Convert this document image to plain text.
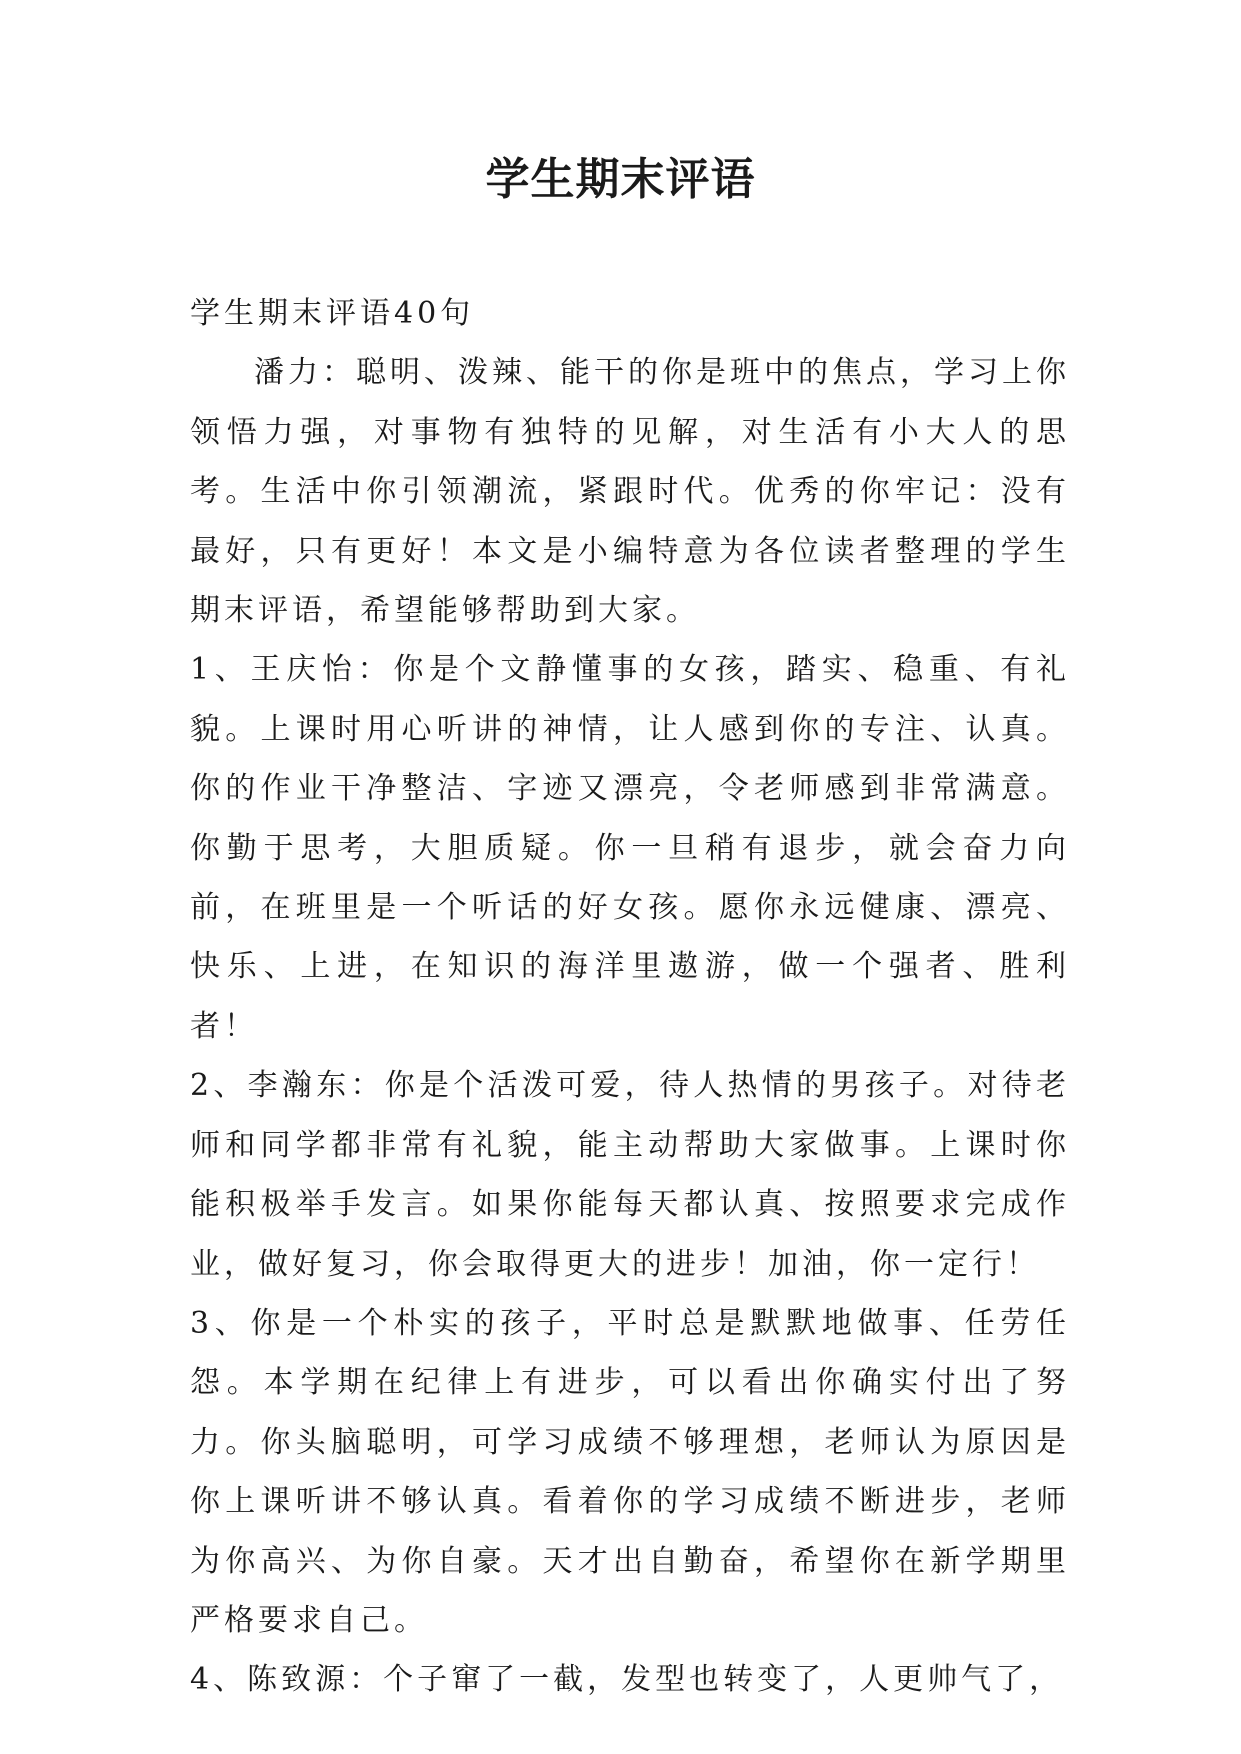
学生期末评语

学生期末评语40句

潘力：聪明、泼辣、能干的你是班中的焦点，学习上你领悟力强，对事物有独特的见解，对生活有小大人的思考。生活中你引领潮流，紧跟时代。优秀的你牢记：没有最好，只有更好！本文是小编特意为各位读者整理的学生期末评语，希望能够帮助到大家。

1、王庆怡：你是个文静懂事的女孩，踏实、稳重、有礼貌。上课时用心听讲的神情，让人感到你的专注、认真。你的作业干净整洁、字迹又漂亮，令老师感到非常满意。你勤于思考，大胆质疑。你一旦稍有退步，就会奋力向前，在班里是一个听话的好女孩。愿你永远健康、漂亮、快乐、上进，在知识的海洋里遨游，做一个强者、胜利者！

2、李瀚东：你是个活泼可爱，待人热情的男孩子。对待老师和同学都非常有礼貌，能主动帮助大家做事。上课时你能积极举手发言。如果你能每天都认真、按照要求完成作业，做好复习，你会取得更大的进步！加油，你一定行！

3、你是一个朴实的孩子，平时总是默默地做事、任劳任怨。本学期在纪律上有进步，可以看出你确实付出了努力。你头脑聪明，可学习成绩不够理想，老师认为原因是你上课听讲不够认真。看着你的学习成绩不断进步，老师为你高兴、为你自豪。天才出自勤奋，希望你在新学期里严格要求自己。

4、陈致源：个子窜了一截，发型也转变了，人更帅气了，
